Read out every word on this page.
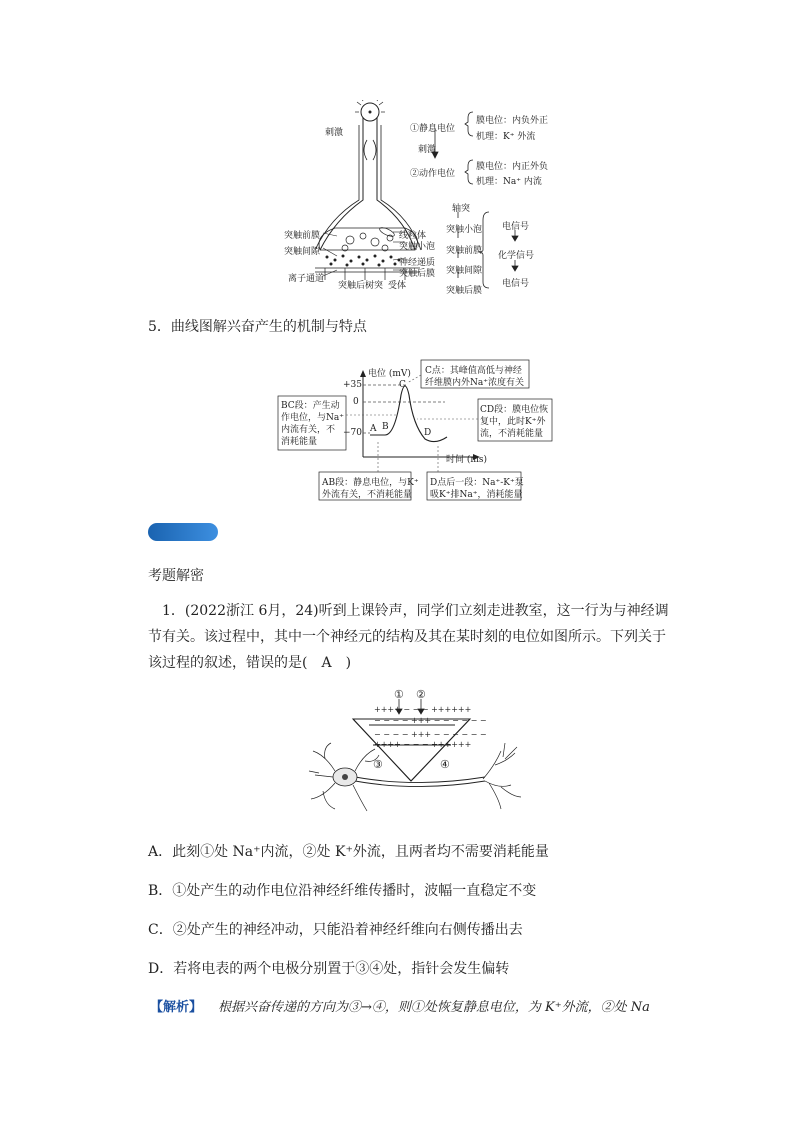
刺激	①静息电位
膜电位：内负外正
机理：K⁺ 外流
刺激
②动作电位
膜电位：内正外负
机理：Na⁺ 内流
突触前膜
突触间隙
离子通道
线粒体
突触小泡
神经递质
突触后膜
突触后树突 受体
轴突
突触小泡
突触前膜
突触间隙
突触后膜
电信号
化学信号
电信号
5．曲线图解兴奋产生的机制与特点
电位 (mV)
时间 (ms)
+35
0
−70 A B
C
D
C点：其峰值高低与神经
纤维膜内外Na⁺浓度有关
BC段：产生动
作电位，与Na⁺
内流有关，不
消耗能量
CD段：膜电位恢
复中，此时K⁺外
流，不消耗能量
AB段：静息电位，与K⁺
外流有关，不消耗能量
D点后一段：Na⁺-K⁺泵
吸K⁺排Na⁺，消耗能量
考题解密
1．(2022浙江 6月，24)听到上课铃声，同学们立刻走进教室，这一行为与神经调节有关。该过程中，其中一个神经元的结构及其在某时刻的电位如图所示。下列关于该过程的叙述，错误的是(　A　)
① ②
③	④
++++ − − − ++++++
− − − − +++ − − − − − −
− − − − +++ − − − − − −
++++ − − − ++++++
A．此刻①处 Na⁺内流，②处 K⁺外流，且两者均不需要消耗能量
B．①处产生的动作电位沿神经纤维传播时，波幅一直稳定不变
C．②处产生的神经冲动，只能沿着神经纤维向右侧传播出去
D．若将电表的两个电极分别置于③④处，指针会发生偏转
【解析】 根据兴奋传递的方向为③→④，则①处恢复静息电位，为 K⁺外流，②处 Na
